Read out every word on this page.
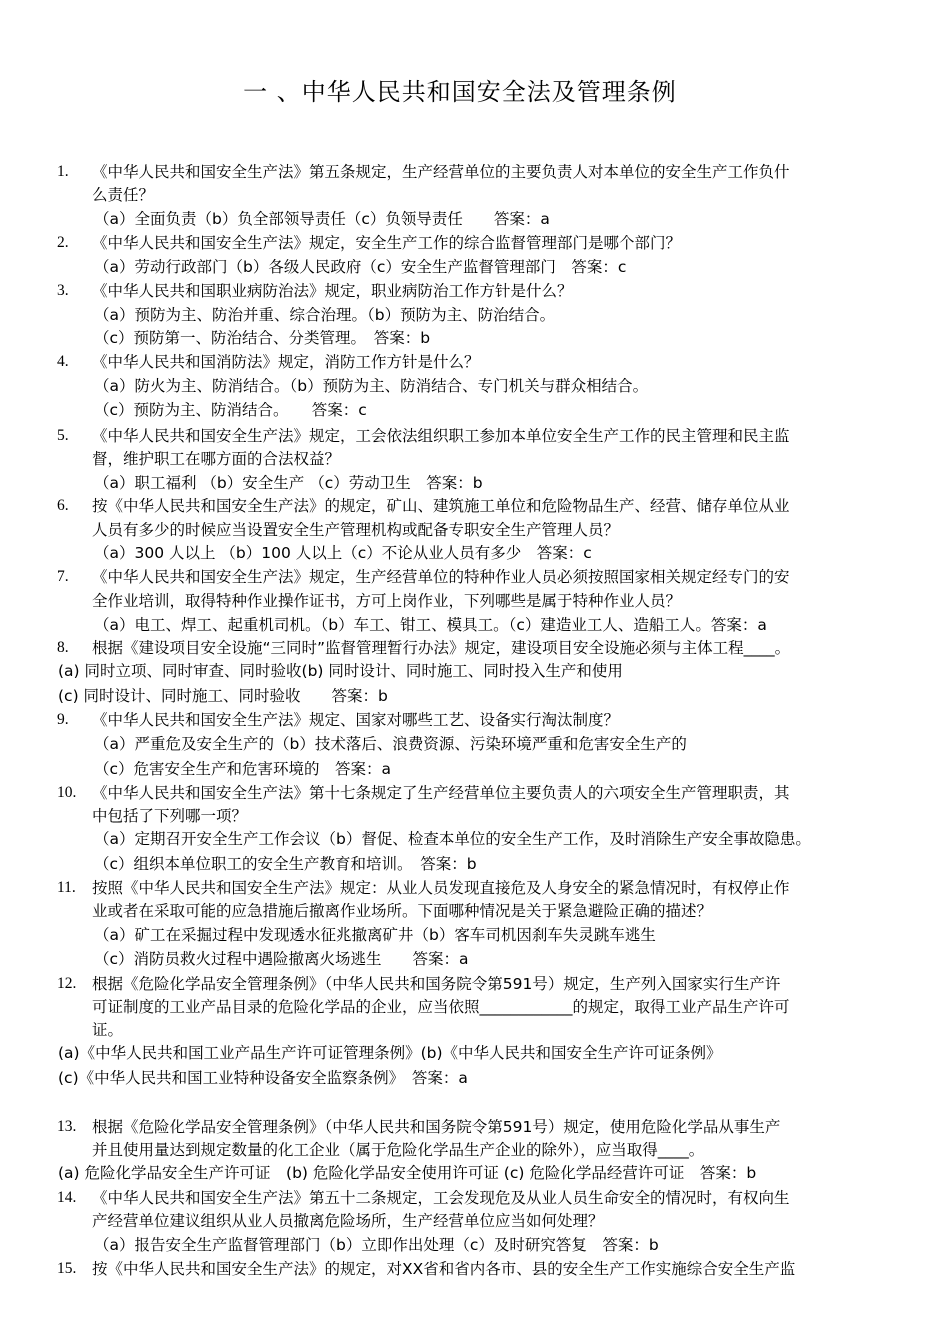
一 、中华人民共和国安全法及管理条例
1.	《中华人民共和国安全生产法》第五条规定，生产经营单位的主要负责人对本单位的安全生产工作负什
么责任？
（a）全面负责（b）负全部领导责任（c）负领导责任　　答案：a
2.	《中华人民共和国安全生产法》规定，安全生产工作的综合监督管理部门是哪个部门？
（a）劳动行政部门（b）各级人民政府（c）安全生产监督管理部门　答案：c
3.	《中华人民共和国职业病防治法》规定，职业病防治工作方针是什么？
（a）预防为主、防治并重、综合治理。（b）预防为主、防治结合。
（c）预防第一、防治结合、分类管理。　答案：b
4.	《中华人民共和国消防法》规定，消防工作方针是什么？
（a）防火为主、防消结合。（b）预防为主、防消结合、专门机关与群众相结合。
（c）预防为主、防消结合。　　答案：c
5.	《中华人民共和国安全生产法》规定，工会依法组织职工参加本单位安全生产工作的民主管理和民主监
督，维护职工在哪方面的合法权益？
（a）职工福利 （b）安全生产 （c）劳动卫生　答案：b
6.	按《中华人民共和国安全生产法》的规定，矿山、建筑施工单位和危险物品生产、经营、储存单位从业
人员有多少的时候应当设置安全生产管理机构或配备专职安全生产管理人员？
（a）300 人以上 （b）100 人以上（c）不论从业人员有多少　答案：c
7.	《中华人民共和国安全生产法》规定，生产经营单位的特种作业人员必须按照国家相关规定经专门的安
全作业培训，取得特种作业操作证书，方可上岗作业，下列哪些是属于特种作业人员？
（a）电工、焊工、起重机司机。（b）车工、钳工、模具工。（c）建造业工人、造船工人。答案：a
8.	根据《建设项目安全设施“三同时”监督管理暂行办法》规定，建设项目安全设施必须与主体工程____。
(a) 同时立项、同时审查、同时验收(b) 同时设计、同时施工、同时投入生产和使用
(c) 同时设计、同时施工、同时验收　　答案：b
9.	《中华人民共和国安全生产法》规定、国家对哪些工艺、设备实行淘汰制度？
（a）严重危及安全生产的（b）技术落后、浪费资源、污染环境严重和危害安全生产的
（c）危害安全生产和危害环境的　答案：a
10.	《中华人民共和国安全生产法》第十七条规定了生产经营单位主要负责人的六项安全生产管理职责，其
中包括了下列哪一项？
（a）定期召开安全生产工作会议（b）督促、检查本单位的安全生产工作，及时消除生产安全事故隐患。
（c）组织本单位职工的安全生产教育和培训。　答案：b
11.	按照《中华人民共和国安全生产法》规定：从业人员发现直接危及人身安全的紧急情况时，有权停止作
业或者在采取可能的应急措施后撤离作业场所。下面哪种情况是关于紧急避险正确的描述？
（a）矿工在采掘过程中发现透水征兆撤离矿井（b）客车司机因刹车失灵跳车逃生
（c）消防员救火过程中遇险撤离火场逃生　　答案：a
12.	根据《危险化学品安全管理条例》（中华人民共和国务院令第591号）规定，生产列入国家实行生产许
可证制度的工业产品目录的危险化学品的企业，应当依照____________的规定，取得工业产品生产许可
证。
(a)《中华人民共和国工业产品生产许可证管理条例》(b)《中华人民共和国安全生产许可证条例》
(c)《中华人民共和国工业特种设备安全监察条例》　答案：a
13.	根据《危险化学品安全管理条例》（中华人民共和国务院令第591号）规定，使用危险化学品从事生产
并且使用量达到规定数量的化工企业（属于危险化学品生产企业的除外），应当取得____。
(a) 危险化学品安全生产许可证　(b) 危险化学品安全使用许可证 (c) 危险化学品经营许可证　答案：b
14.	《中华人民共和国安全生产法》第五十二条规定，工会发现危及从业人员生命安全的情况时，有权向生
产经营单位建议组织从业人员撤离危险场所，生产经营单位应当如何处理？
（a）报告安全生产监督管理部门（b）立即作出处理（c）及时研究答复　答案：b
15.	按《中华人民共和国安全生产法》的规定，对XX省和省内各市、县的安全生产工作实施综合安全生产监
